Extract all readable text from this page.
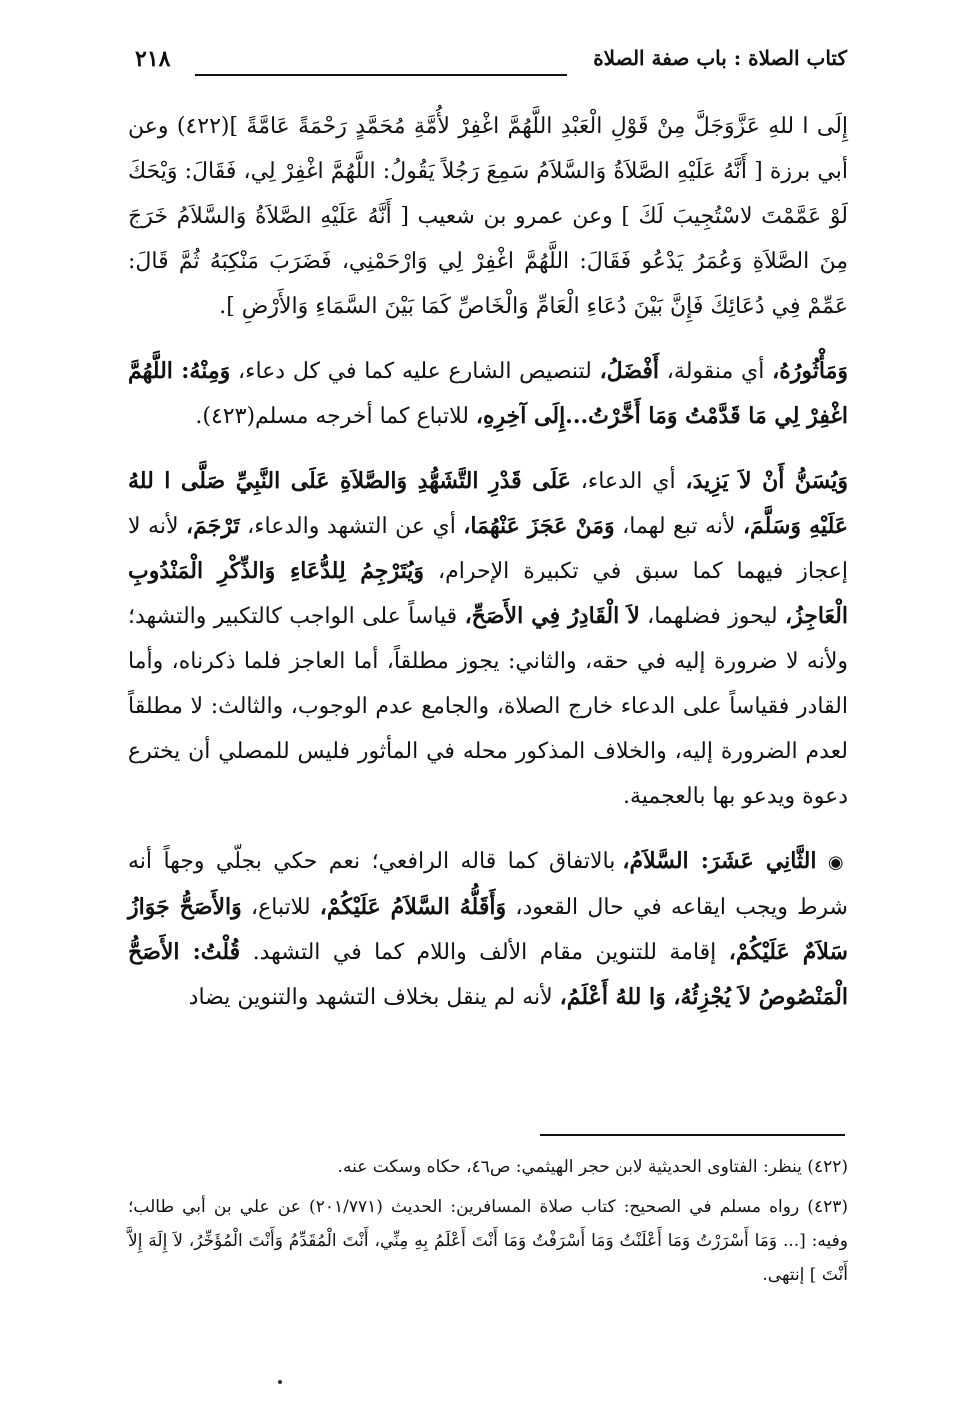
كتاب الصلاة : باب صفة الصلاة
٢١٨

إِلَى ا للهِ عَزَّوَجَلَّ مِنْ قَوْلِ الْعَبْدِ اللَّهُمَّ اغْفِرْ لأُمَّةِ مُحَمَّدٍ رَحْمَةً عَامَّةً ](٤٢٢) وعن أبي برزة [ أَنَّهُ عَلَيْهِ الصَّلاَةُ وَالسَّلاَمُ سَمِعَ رَجُلاً يَقُولُ: اللَّهُمَّ اغْفِرْ لِي، فَقَالَ: وَيْحَكَ لَوْ عَمَّمْتَ لاسْتُجِيبَ لَكَ ] وعن عمرو بن شعيب [ أَنَّهُ عَلَيْهِ الصَّلاَةُ وَالسَّلاَمُ خَرَجَ مِنَ الصَّلاَةِ وَعُمَرُ يَدْعُو فَقَالَ: اللَّهُمَّ اغْفِرْ لِي وَارْحَمْنِي، فَضَرَبَ مَنْكِبَهُ ثُمَّ قَالَ: عَمِّمْ فِي دُعَائِكَ فَإِنَّ بَيْنَ دُعَاءِ الْعَامِّ وَالْخَاصِّ كَمَا بَيْنَ السَّمَاءِ وَالأَرْضِ ].

وَمَأْثُورُهُ، أي منقولة، أَفْضَلُ، لتنصيص الشارع عليه كما في كل دعاء، وَمِنْهُ: اللَّهُمَّ اغْفِرْ لِي مَا قَدَّمْتُ وَمَا أَخَّرْتُ...إِلَى آخِرِهِ، للاتباع كما أخرجه مسلم(٤٢٣).

وَيُسَنُّ أَنْ لاَ يَزِيدَ، أي الدعاء، عَلَى قَدْرِ التَّشَهُّدِ وَالصَّلاَةِ عَلَى النَّبِيِّ صَلَّى ا للهُ عَلَيْهِ وَسَلَّمَ، لأنه تبع لهما، وَمَنْ عَجَزَ عَنْهُمَا، أي عن التشهد والدعاء، تَرْجَمَ، لأنه لا إعجاز فيهما كما سبق في تكبيرة الإحرام، وَيُتَرْجِمُ لِلدُّعَاءِ وَالذِّكْرِ الْمَنْدُوبِ الْعَاجِزُ، ليحوز فضلهما، لاَ الْقَادِرُ فِي الأَصَحِّ، قياساً على الواجب كالتكبير والتشهد؛ ولأنه لا ضرورة إليه في حقه، والثاني: يجوز مطلقاً، أما العاجز فلما ذكرناه، وأما القادر فقياساً على الدعاء خارج الصلاة، والجامع عدم الوجوب، والثالث: لا مطلقاً لعدم الضرورة إليه، والخلاف المذكور محله في المأثور فليس للمصلي أن يخترع دعوة ويدعو بها بالعجمية.

◉ الثَّانِي عَشَرَ: السَّلاَمُ، بالاتفاق كما قاله الرافعي؛ نعم حكي بجلّي وجهاً أنه شرط ويجب ايقاعه في حال القعود، وَأَقَلُّهُ السَّلاَمُ عَلَيْكُمْ، للاتباع، وَالأَصَحُّ جَوَازُ سَلاَمٌ عَلَيْكُمْ، إقامة للتنوين مقام الألف واللام كما في التشهد. قُلْتُ: الأَصَحُّ الْمَنْصُوصُ لاَ يُجْزِئُهُ، وَا للهُ أَعْلَمُ، لأنه لم ينقل بخلاف التشهد والتنوين يضاد

(٤٢٢) ينظر: الفتاوى الحديثية لابن حجر الهيثمي: ص٤٦، حكاه وسكت عنه.

(٤٢٣) رواه مسلم في الصحيح: كتاب صلاة المسافرين: الحديث (٢٠١/٧٧١) عن علي بن أبي طالب؛ وفيه: [... وَمَا أَسْرَرْتُ وَمَا أَعْلَنْتُ وَمَا أَسْرَفْتُ وَمَا أَنْتَ أَعْلَمُ بِهِ مِنِّي، أَنْتَ الْمُقَدِّمُ وَأَنْتَ الْمُؤَخِّرُ، لاَ إِلَهَ إِلاَّ أَنْتَ ] إنتهى.
